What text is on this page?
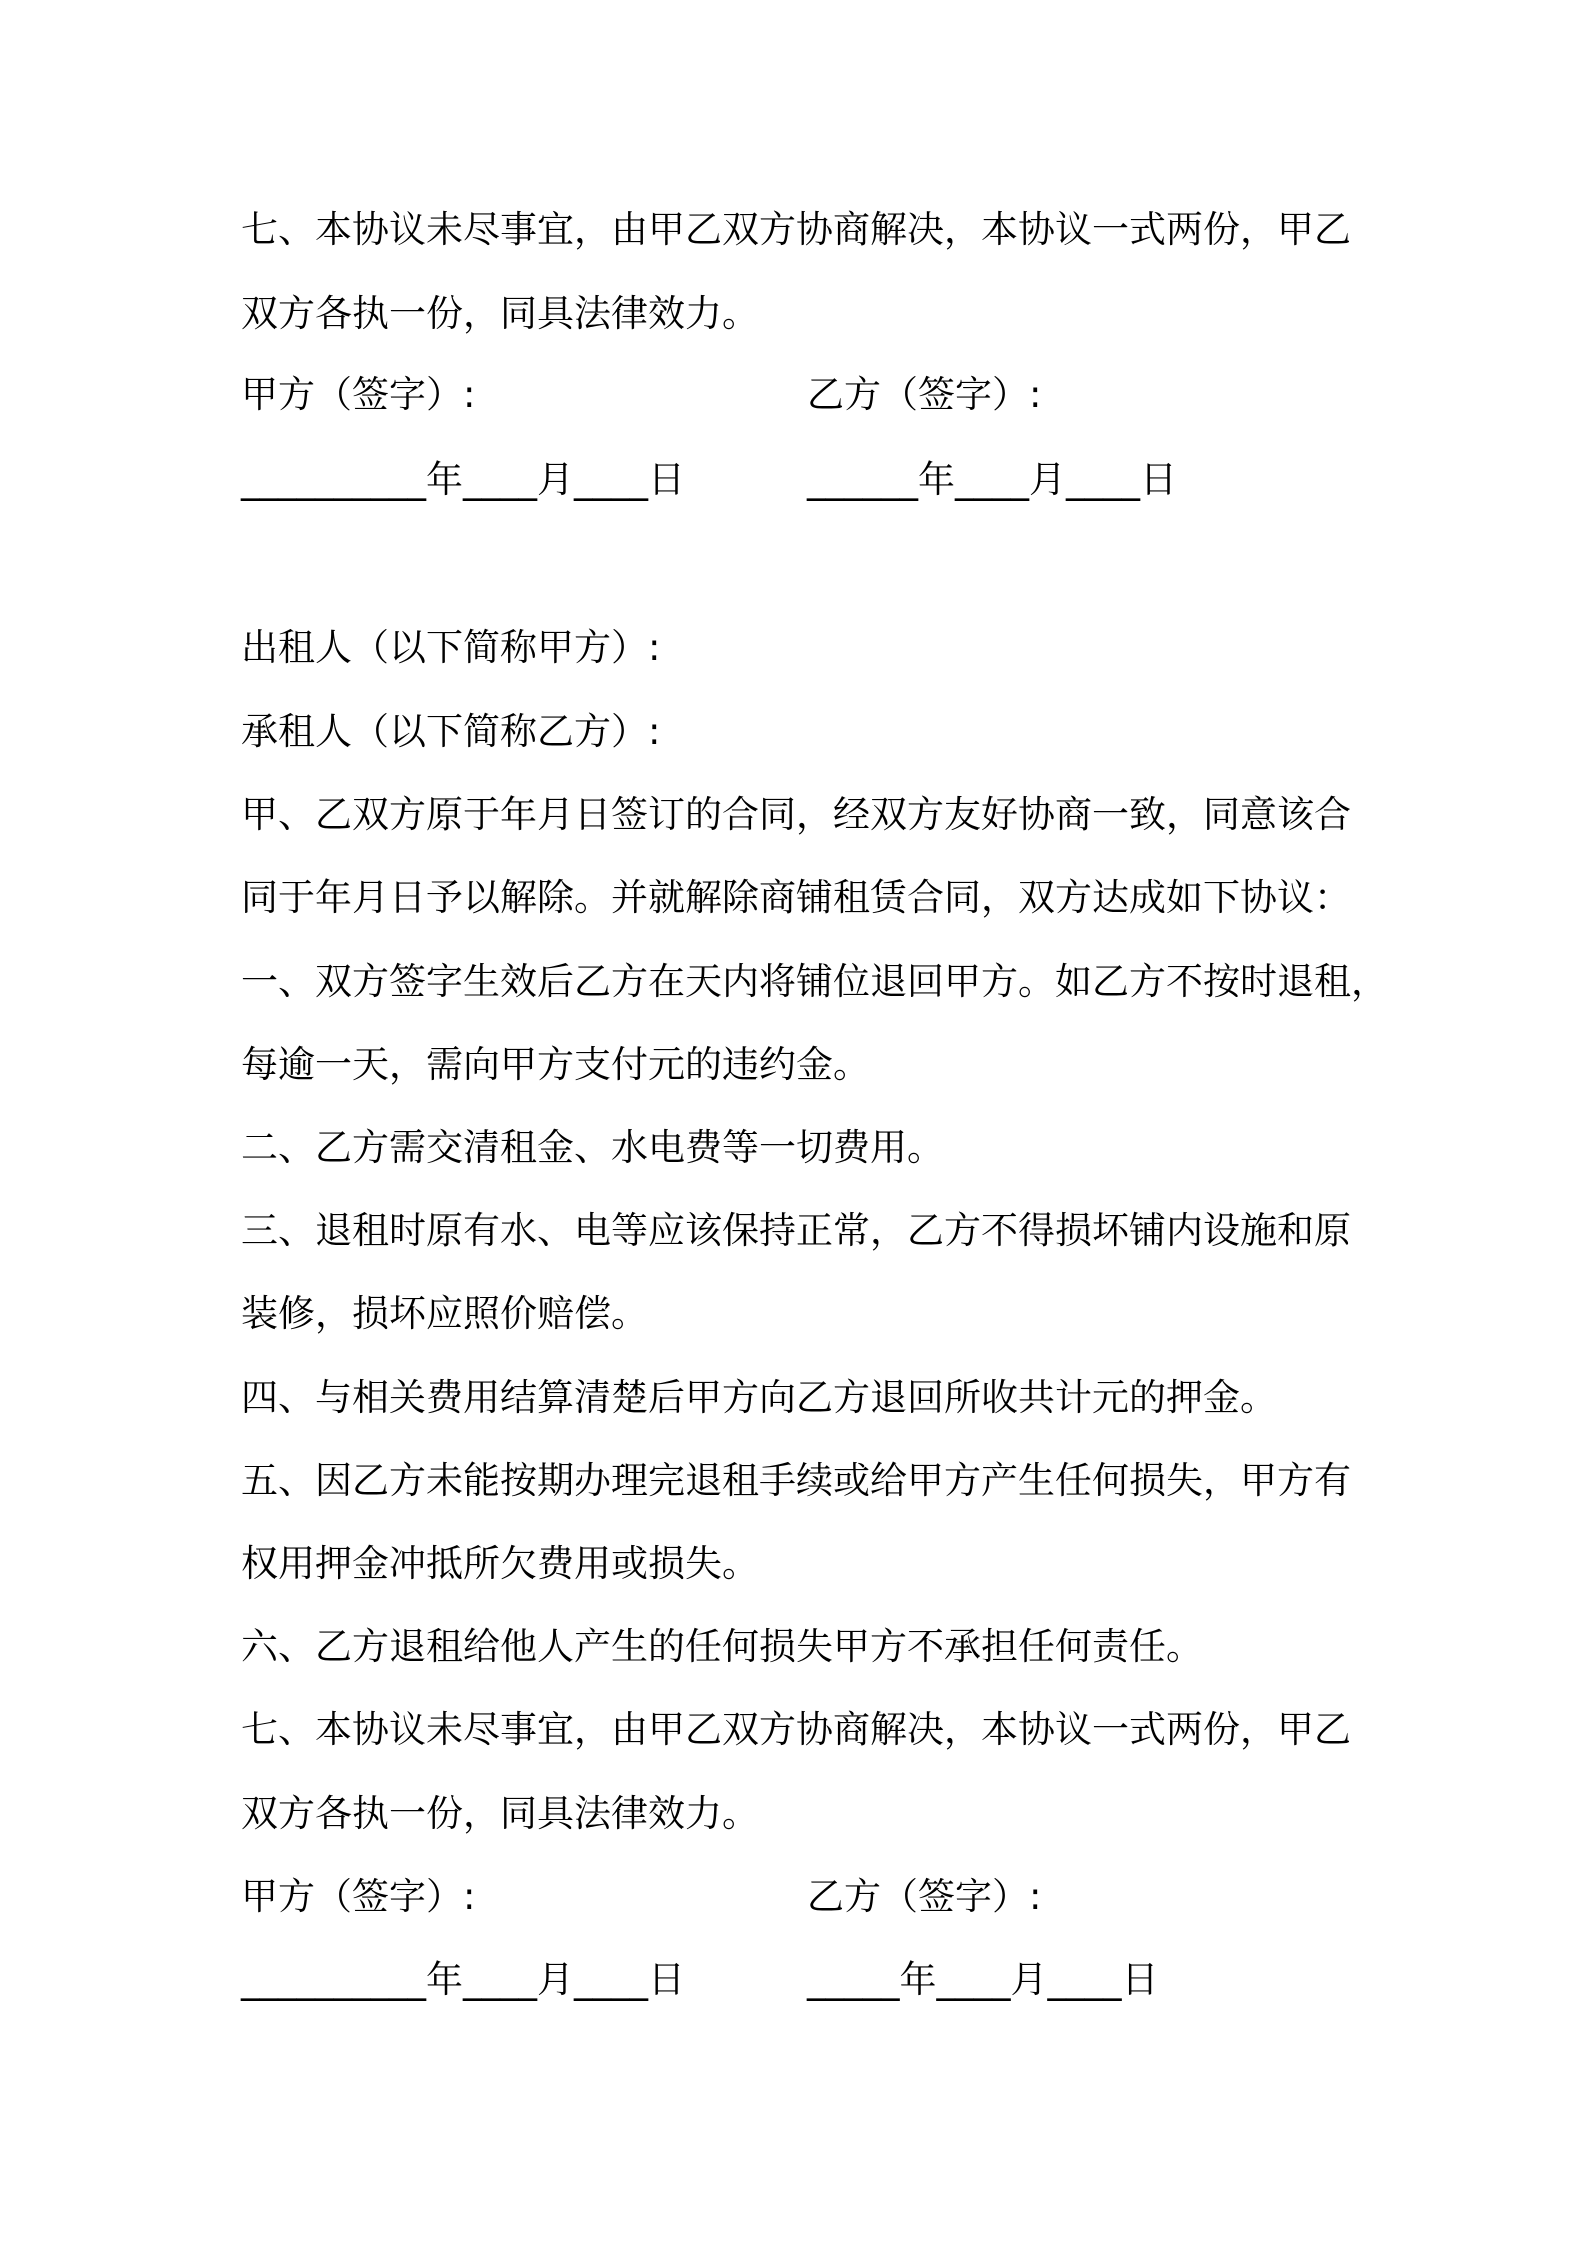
七、本协议未尽事宜，由甲乙双方协商解决，本协议一式两份，甲乙
双方各执一份，同具法律效力。
甲方（签字）:	乙方（签字）:
__________年____月____日	______年____月____日
出租人（以下简称甲方）:
承租人（以下简称乙方）:
甲、乙双方原于年月日签订的合同，经双方友好协商一致，同意该合
同于年月日予以解除。并就解除商铺租赁合同，双方达成如下协议：
一、双方签字生效后乙方在天内将铺位退回甲方。如乙方不按时退租，
每逾一天，需向甲方支付元的违约金。
二、乙方需交清租金、水电费等一切费用。
三、退租时原有水、电等应该保持正常，乙方不得损坏铺内设施和原
装修，损坏应照价赔偿。
四、与相关费用结算清楚后甲方向乙方退回所收共计元的押金。
五、因乙方未能按期办理完退租手续或给甲方产生任何损失，甲方有
权用押金冲抵所欠费用或损失。
六、乙方退租给他人产生的任何损失甲方不承担任何责任。
七、本协议未尽事宜，由甲乙双方协商解决，本协议一式两份，甲乙
双方各执一份，同具法律效力。
甲方（签字）:	乙方（签字）:
__________年____月____日	_____年____月____日
